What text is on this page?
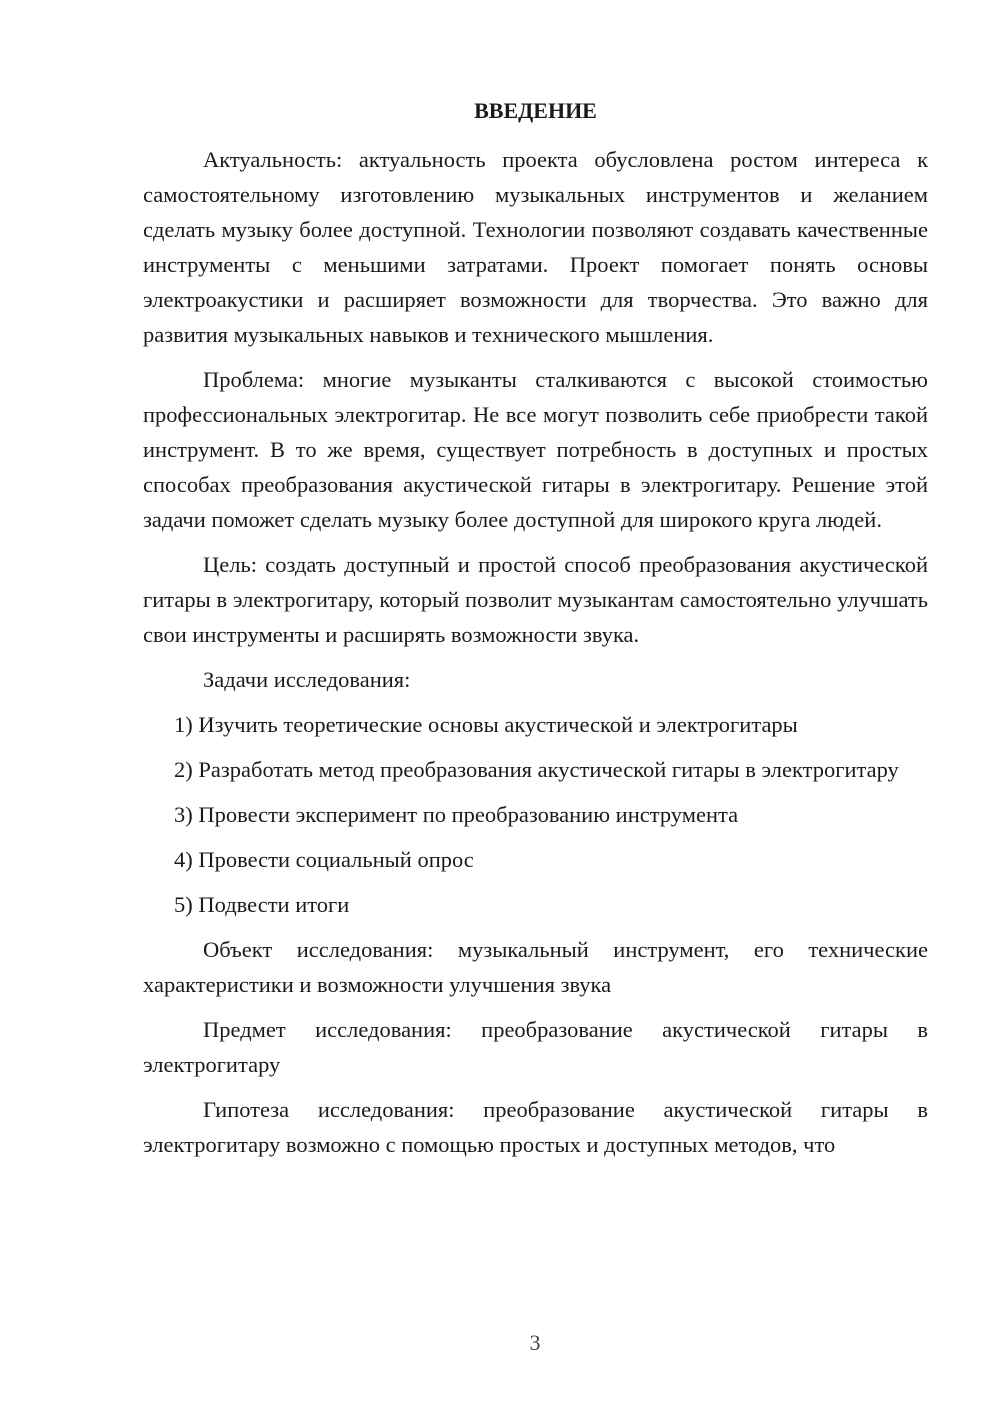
ВВЕДЕНИЕ

Актуальность: актуальность проекта обусловлена ростом интереса к самостоятельному изготовлению музыкальных инструментов и желанием сделать музыку более доступной. Технологии позволяют создавать качественные инструменты с меньшими затратами. Проект помогает понять основы электроакустики и расширяет возможности для творчества. Это важно для развития музыкальных навыков и технического мышления.

Проблема: многие музыканты сталкиваются с высокой стоимостью профессиональных электрогитар. Не все могут позволить себе приобрести такой инструмент. В то же время, существует потребность в доступных и простых способах преобразования акустической гитары в электрогитару. Решение этой задачи поможет сделать музыку более доступной для широкого круга людей.

Цель: создать доступный и простой способ преобразования акустической гитары в электрогитару, который позволит музыкантам самостоятельно улучшать свои инструменты и расширять возможности звука.

Задачи исследования:

1) Изучить теоретические основы акустической и электрогитары

2) Разработать метод преобразования акустической гитары в электрогитару

3) Провести эксперимент по преобразованию инструмента

4) Провести социальный опрос

5) Подвести итоги

Объект исследования: музыкальный инструмент, его технические характеристики и возможности улучшения звука

Предмет исследования: преобразование акустической гитары в электрогитару

Гипотеза исследования: преобразование акустической гитары в электрогитару возможно с помощью простых и доступных методов, что

3
